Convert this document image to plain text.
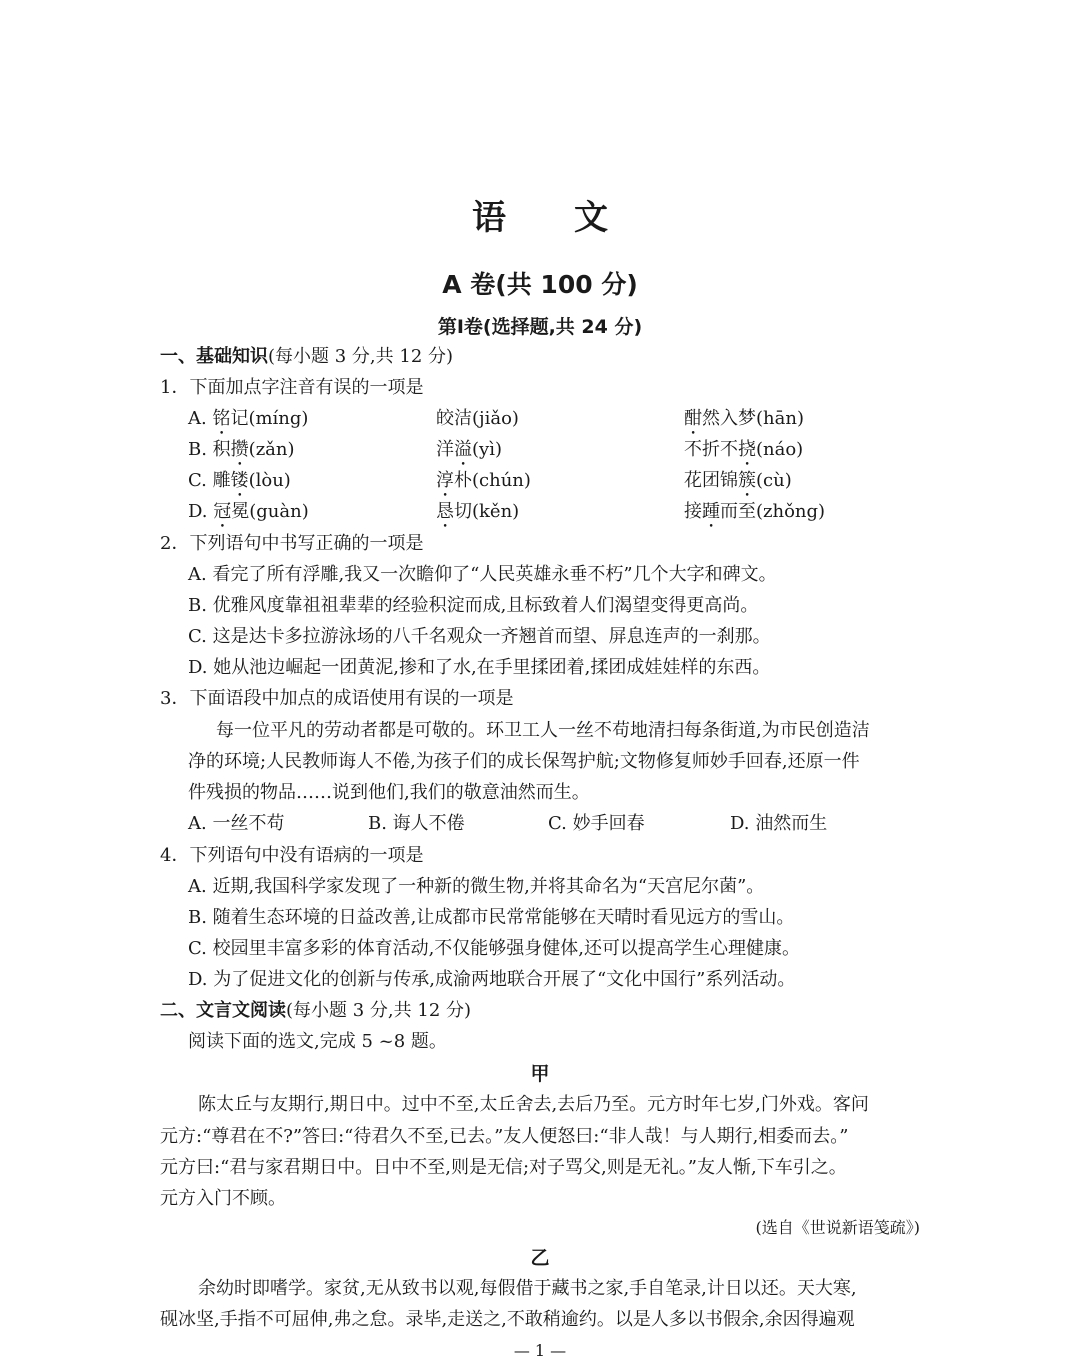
语　　文
A 卷(共 100 分)
第Ⅰ卷(选择题,共 24 分)
一、基础知识(每小题 3 分,共 12 分)
1．下面加点字注音有误的一项是
A. 铭记(míng)	皎洁(jiǎo)	酣然入梦(hān)
B. 积攒(zǎn)	洋溢(yì)	不折不挠(náo)
C. 雕镂(lòu)	淳朴(chún)	花团锦簇(cù)
D. 冠冕(guàn)	恳切(kěn)	接踵而至(zhǒng)
2．下列语句中书写正确的一项是
A. 看完了所有浮雕,我又一次瞻仰了“人民英雄永垂不朽”几个大字和碑文。
B. 优雅风度靠祖祖辈辈的经验积淀而成,且标致着人们渴望变得更高尚。
C. 这是达卡多拉游泳场的八千名观众一齐翘首而望、屏息连声的一刹那。
D. 她从池边崛起一团黄泥,掺和了水,在手里揉团着,揉团成娃娃样的东西。
3．下面语段中加点的成语使用有误的一项是
每一位平凡的劳动者都是可敬的。环卫工人一丝不苟地清扫每条街道,为市民创造洁
净的环境;人民教师诲人不倦,为孩子们的成长保驾护航;文物修复师妙手回春,还原一件
件残损的物品……说到他们,我们的敬意油然而生。
A. 一丝不苟	B. 诲人不倦	C. 妙手回春	D. 油然而生
4．下列语句中没有语病的一项是
A. 近期,我国科学家发现了一种新的微生物,并将其命名为“天宫尼尔菌”。
B. 随着生态环境的日益改善,让成都市民常常能够在天晴时看见远方的雪山。
C. 校园里丰富多彩的体育活动,不仅能够强身健体,还可以提高学生心理健康。
D. 为了促进文化的创新与传承,成渝两地联合开展了“文化中国行”系列活动。
二、文言文阅读(每小题 3 分,共 12 分)
阅读下面的选文,完成 5 ~8 题。
甲
陈太丘与友期行,期日中。过中不至,太丘舍去,去后乃至。元方时年七岁,门外戏。客问
元方:“尊君在不?”答曰:“待君久不至,已去。”友人便怒曰:“非人哉！与人期行,相委而去。”
元方曰:“君与家君期日中。日中不至,则是无信;对子骂父,则是无礼。”友人惭,下车引之。
元方入门不顾。
(选自《世说新语笺疏》)
乙
余幼时即嗜学。家贫,无从致书以观,每假借于藏书之家,手自笔录,计日以还。天大寒,
砚冰坚,手指不可屈伸,弗之怠。录毕,走送之,不敢稍逾约。以是人多以书假余,余因得遍观
— 1 —
